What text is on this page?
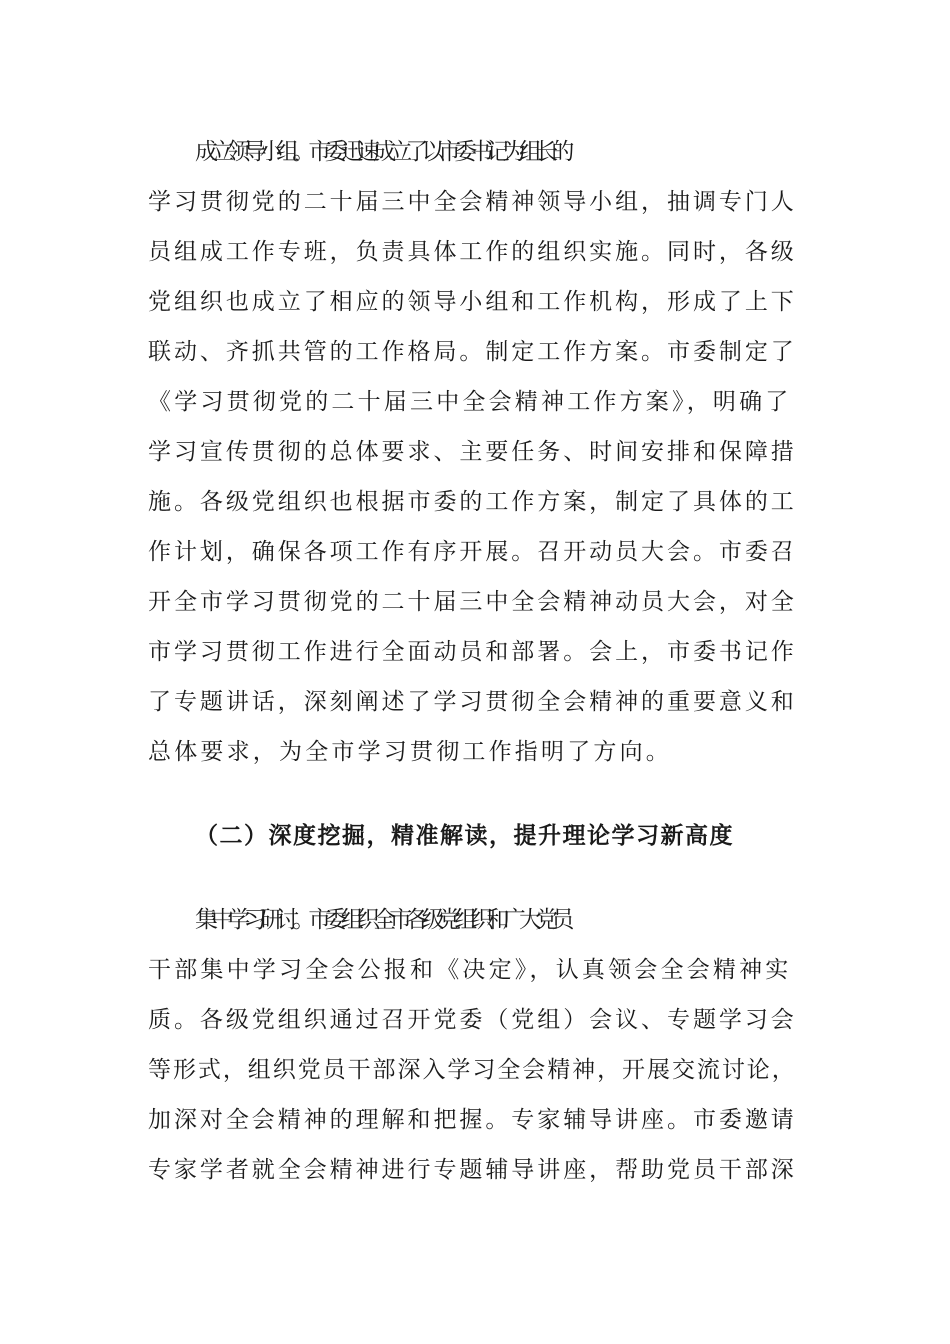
成立领导小组。市委迅速成立了以市委书记为组长的
学习贯彻党的二十届三中全会精神领导小组，抽调专门人
员组成工作专班，负责具体工作的组织实施。同时，各级
党组织也成立了相应的领导小组和工作机构，形成了上下
联动、齐抓共管的工作格局。制定工作方案。市委制定了
《学习贯彻党的二十届三中全会精神工作方案》，明确了
学习宣传贯彻的总体要求、主要任务、时间安排和保障措
施。各级党组织也根据市委的工作方案，制定了具体的工
作计划，确保各项工作有序开展。召开动员大会。市委召
开全市学习贯彻党的二十届三中全会精神动员大会，对全
市学习贯彻工作进行全面动员和部署。会上，市委书记作
了专题讲话，深刻阐述了学习贯彻全会精神的重要意义和
总体要求，为全市学习贯彻工作指明了方向。
（二）深度挖掘，精准解读，提升理论学习新高度
集中学习研讨。市委组织全市各级党组织和广大党员
干部集中学习全会公报和《决定》，认真领会全会精神实
质。各级党组织通过召开党委（党组）会议、专题学习会
等形式，组织党员干部深入学习全会精神，开展交流讨论，
加深对全会精神的理解和把握。专家辅导讲座。市委邀请
专家学者就全会精神进行专题辅导讲座，帮助党员干部深
